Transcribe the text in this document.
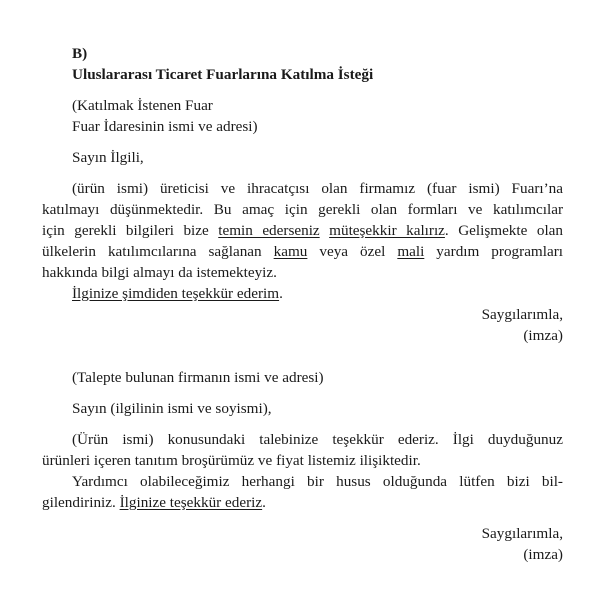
B)
Uluslararası Ticaret Fuarlarına Katılma İsteği
(Katılmak İstenen Fuar
Fuar İdaresinin ismi ve adresi)
Sayın İlgili,
(ürün ismi) üreticisi ve ihracatçısı olan firmamız (fuar ismi) Fuarı’na
katılmayı düşünmektedir. Bu amaç için gerekli olan formları ve katılımcılar
için gerekli bilgileri bize temin ederseniz müteşekkir kalırız. Gelişmekte olan
ülkelerin katılımcılarına sağlanan kamu veya özel mali yardım programları
hakkında bilgi almayı da istemekteyiz.
İlginize şimdiden teşekkür ederim.
Saygılarımla,
(imza)
(Talepte bulunan firmanın ismi ve adresi)
Sayın (ilgilinin ismi ve soyismi),
(Ürün ismi) konusundaki talebinize teşekkür ederiz. İlgi duyduğunuz
ürünleri içeren tanıtım broşürümüz ve fiyat listemiz ilişiktedir.
Yardımcı olabileceğimiz herhangi bir husus olduğunda lütfen bizi bil-
gilendiriniz. İlginize teşekkür ederiz.
Saygılarımla,
(imza)
